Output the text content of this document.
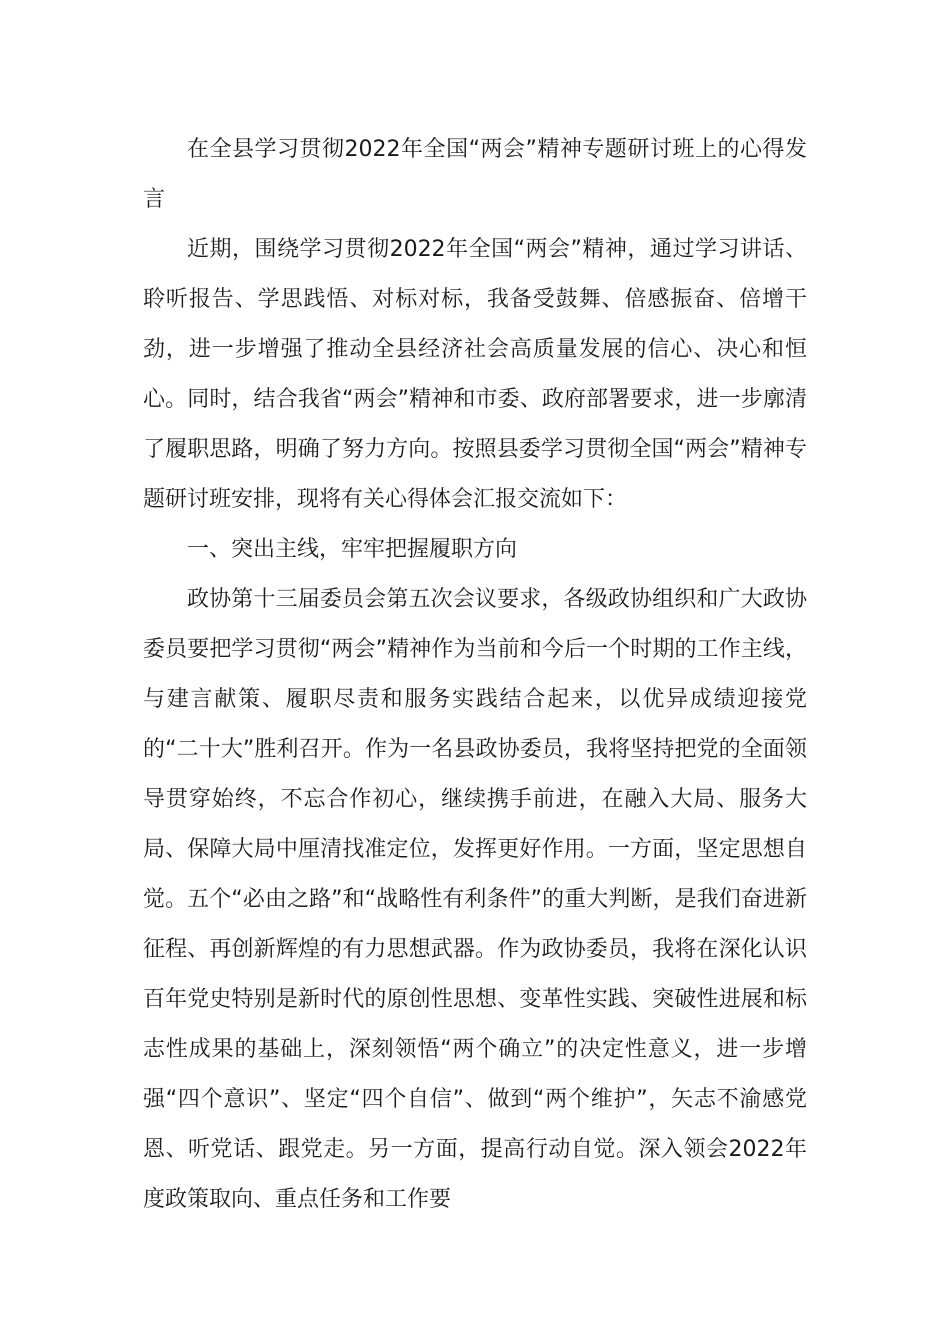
在全县学习贯彻2022年全国“两会”精神专题研讨班上的心得发言

近期，围绕学习贯彻2022年全国“两会”精神，通过学习讲话、聆听报告、学思践悟、对标对标，我备受鼓舞、倍感振奋、倍增干劲，进一步增强了推动全县经济社会高质量发展的信心、决心和恒心。同时，结合我省“两会”精神和市委、政府部署要求，进一步廓清了履职思路，明确了努力方向。按照县委学习贯彻全国“两会”精神专题研讨班安排，现将有关心得体会汇报交流如下：

一、突出主线，牢牢把握履职方向

政协第十三届委员会第五次会议要求，各级政协组织和广大政协委员要把学习贯彻“两会”精神作为当前和今后一个时期的工作主线，与建言献策、履职尽责和服务实践结合起来，以优异成绩迎接党的“二十大”胜利召开。作为一名县政协委员，我将坚持把党的全面领导贯穿始终，不忘合作初心，继续携手前进，在融入大局、服务大局、保障大局中厘清找准定位，发挥更好作用。一方面，坚定思想自觉。五个“必由之路”和“战略性有利条件”的重大判断，是我们奋进新征程、再创新辉煌的有力思想武器。作为政协委员，我将在深化认识百年党史特别是新时代的原创性思想、变革性实践、突破性进展和标志性成果的基础上，深刻领悟“两个确立”的决定性意义，进一步增强“四个意识”、坚定“四个自信”、做到“两个维护”，矢志不渝感党恩、听党话、跟党走。另一方面，提高行动自觉。深入领会2022年度政策取向、重点任务和工作要
